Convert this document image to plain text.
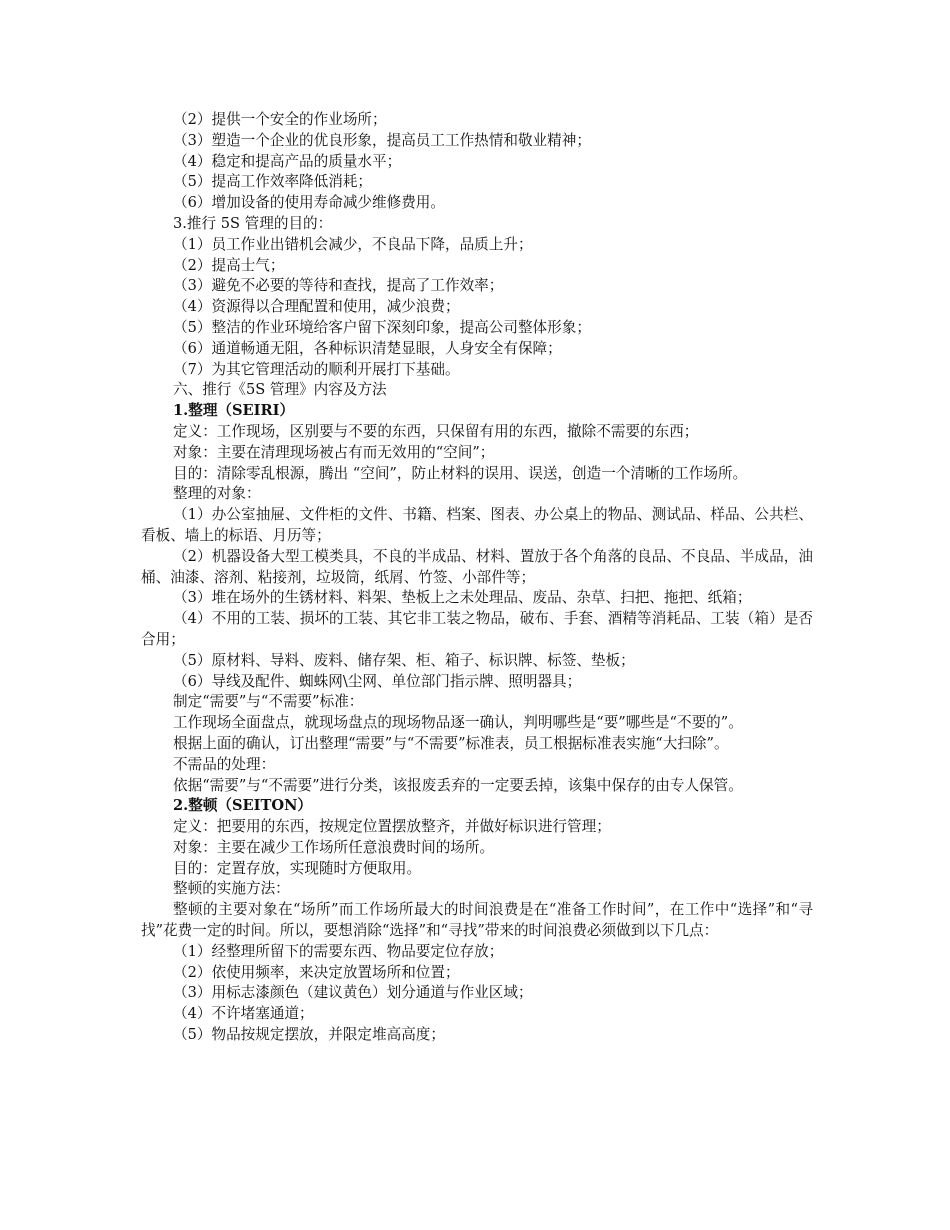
（2）提供一个安全的作业场所；

（3）塑造一个企业的优良形象，提高员工工作热情和敬业精神；

（4）稳定和提高产品的质量水平；

（5）提高工作效率降低消耗；

（6）增加设备的使用寿命减少维修费用。

3.推行 5S 管理的目的：

（1）员工作业出错机会减少，不良品下降，品质上升；

（2）提高士气；

（3）避免不必要的等待和查找，提高了工作效率；

（4）资源得以合理配置和使用，减少浪费；

（5）整洁的作业环境给客户留下深刻印象，提高公司整体形象；

（6）通道畅通无阻，各种标识清楚显眼，人身安全有保障；

（7）为其它管理活动的顺利开展打下基础。

六、推行《5S 管理》内容及方法

1.整理（SEIRI）

定义：工作现场，区别要与不要的东西，只保留有用的东西，撤除不需要的东西；

对象：主要在清理现场被占有而无效用的“空间”；

目的：清除零乱根源，腾出 “空间”，防止材料的误用、误送，创造一个清晰的工作场所。

整理的对象：

（1）办公室抽屉、文件柜的文件、书籍、档案、图表、办公桌上的物品、测试品、样品、公共栏、看板、墙上的标语、月历等；

（2）机器设备大型工模类具，不良的半成品、材料、置放于各个角落的良品、不良品、半成品，油桶、油漆、溶剂、粘接剂，垃圾筒，纸屑、竹签、小部件等；

（3）堆在场外的生锈材料、料架、垫板上之未处理品、废品、杂草、扫把、拖把、纸箱；

（4）不用的工装、损坏的工装、其它非工装之物品，破布、手套、酒精等消耗品、工装（箱）是否合用；

（5）原材料、导料、废料、储存架、柜、箱子、标识牌、标签、垫板；

（6）导线及配件、蜘蛛网\尘网、单位部门指示牌、照明器具；

制定“需要”与“不需要”标准：

工作现场全面盘点，就现场盘点的现场物品逐一确认，判明哪些是“要”哪些是“不要的”。

根据上面的确认，订出整理“需要”与“不需要”标准表，员工根据标准表实施“大扫除”。

不需品的处理：

依据“需要”与“不需要”进行分类，该报废丢弃的一定要丢掉，该集中保存的由专人保管。

2.整顿（SEITON）

定义：把要用的东西，按规定位置摆放整齐，并做好标识进行管理；

对象：主要在减少工作场所任意浪费时间的场所。

目的：定置存放，实现随时方便取用。

整顿的实施方法：

整顿的主要对象在“场所”而工作场所最大的时间浪费是在“准备工作时间”，在工作中“选择”和“寻找”花费一定的时间。所以，要想消除“选择”和“寻找”带来的时间浪费必须做到以下几点：

（1）经整理所留下的需要东西、物品要定位存放；

（2）依使用频率，来决定放置场所和位置；

（3）用标志漆颜色（建议黄色）划分通道与作业区域；

（4）不许堵塞通道；

（5）物品按规定摆放，并限定堆高高度；
